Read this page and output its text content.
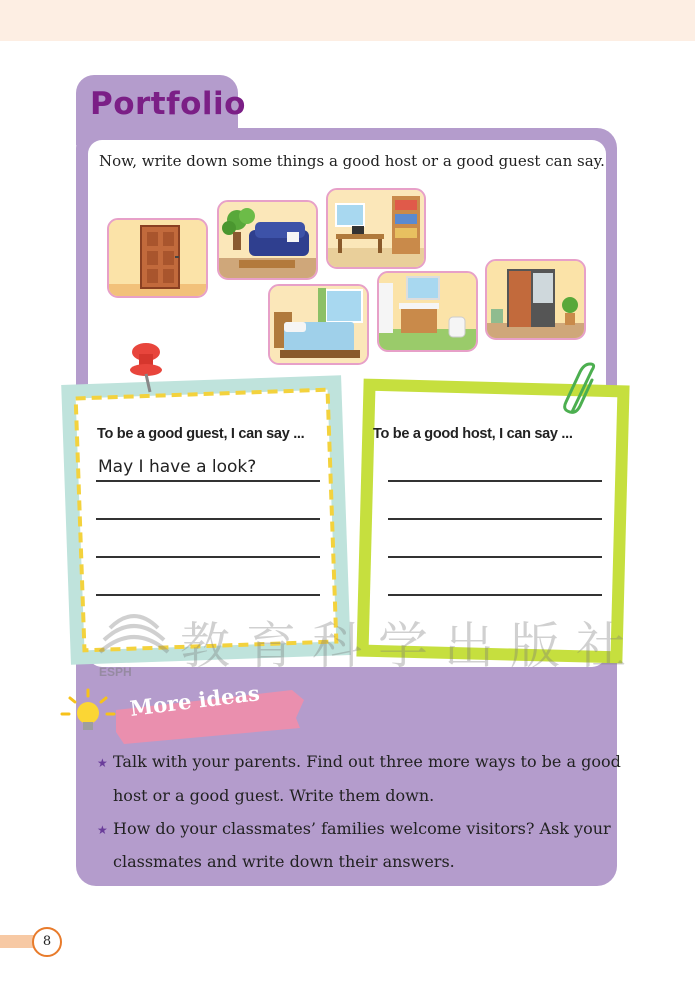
Portfolio
Now, write down some things a good host or a good guest can say.
To be a good guest, I can say ...
May I have a look?
To be a good host, I can say ...
教育科学出版社
ESPH
More ideas
★ Talk with your parents. Find out three more ways to be a good
host or a good guest. Write them down.
★ How do your classmates’ families welcome visitors? Ask your
classmates and write down their answers.
8
